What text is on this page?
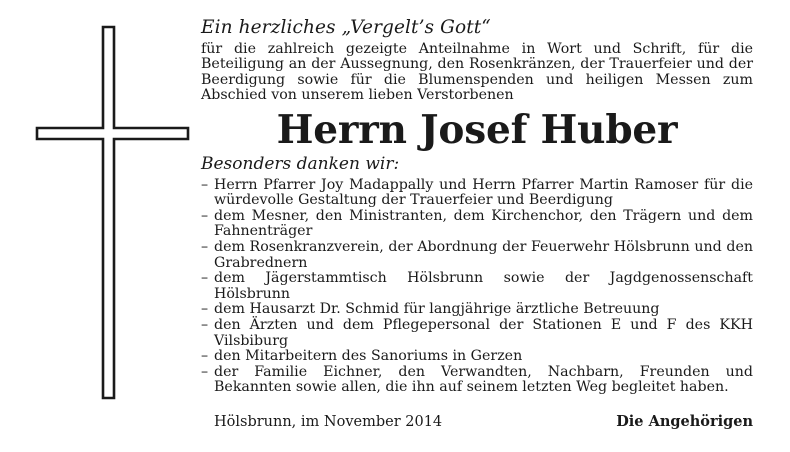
Ein herzliches „Vergelt’s Gott“

für die zahlreich gezeigte Anteilnahme in Wort und Schrift, für die Beteiligung an der Aussegnung, den Rosenkränzen, der Trauerfeier und der Beerdigung sowie für die Blumenspenden und heiligen Messen zum Abschied von unserem lieben Verstorbenen

Herrn Josef Huber
Besonders danken wir:
– Herrn Pfarrer Joy Madappally und Herrn Pfarrer Martin Ramoser für die würdevolle Gestaltung der Trauerfeier und Beerdigung
– dem Mesner, den Ministranten, dem Kirchenchor, den Trägern und dem Fahnenträger
– dem Rosenkranzverein, der Abordnung der Feuerwehr Hölsbrunn und den Grabrednern
– dem Jägerstammtisch Hölsbrunn sowie der Jagdgenossenschaft Hölsbrunn
– dem Hausarzt Dr. Schmid für langjährige ärztliche Betreuung
– den Ärzten und dem Pflegepersonal der Stationen E und F des KKH Vilsbiburg
– den Mitarbeitern des Sanoriums in Gerzen
– der Familie Eichner, den Verwandten, Nachbarn, Freunden und Bekannten sowie allen, die ihn auf seinem letzten Weg begleitet haben.
Hölsbrunn, im November 2014	Die Angehörigen
